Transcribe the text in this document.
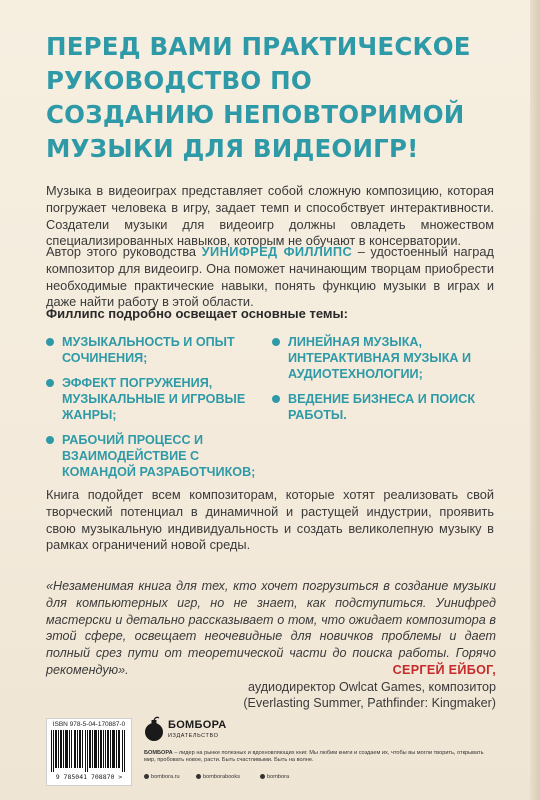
ПЕРЕД ВАМИ ПРАКТИЧЕСКОЕ РУКОВОДСТВО ПО СОЗДАНИЮ НЕПОВТОРИМОЙ МУЗЫКИ ДЛЯ ВИДЕОИГР!
Музыка в видеоиграх представляет собой сложную композицию, которая погружает человека в игру, задает темп и способствует интерактивности. Создатели музыки для видеоигр должны овладеть множеством специализированных навыков, которым не обучают в консерватории.
Автор этого руководства УИНИФРЕД ФИЛЛИПС – удостоенный наград композитор для видеоигр. Она поможет начинающим творцам приобрести необходимые практические навыки, понять функцию музыки в играх и даже найти работу в этой области.
Филлипс подробно освещает основные темы:
МУЗЫКАЛЬНОСТЬ И ОПЫТ СОЧИНЕНИЯ;
ЭФФЕКТ ПОГРУЖЕНИЯ, МУЗЫКАЛЬНЫЕ И ИГРОВЫЕ ЖАНРЫ;
РАБОЧИЙ ПРОЦЕСС И ВЗАИМОДЕЙСТВИЕ С КОМАНДОЙ РАЗРАБОТЧИКОВ;
ЛИНЕЙНАЯ МУЗЫКА, ИНТЕРАКТИВНАЯ МУЗЫКА И АУДИОТЕХНОЛОГИИ;
ВЕДЕНИЕ БИЗНЕСА И ПОИСК РАБОТЫ.
Книга подойдет всем композиторам, которые хотят реализовать свой творческий потенциал в динамичной и растущей индустрии, проявить свою музыкальную индивидуальность и создать великолепную музыку в рамках ограничений новой среды.
«Незаменимая книга для тех, кто хочет погрузиться в создание музыки для компьютерных игр, но не знает, как подступиться. Уинифред мастерски и детально рассказывает о том, что ожидает композитора в этой сфере, освещает неочевидные для новичков проблемы и дает полный срез пути от теоретической части до поиска работы. Горячо рекомендую».	СЕРГЕЙ ЕЙБОГ,
аудиодиректор Owlcat Games, композитор
(Everlasting Summer, Pathfinder: Kingmaker)
ISBN 978-5-04-170887-0
9 785041 708870 >
БОМБОРА
ИЗДАТЕЛЬСТВО
БОМБОРА – лидер на рынке полезных и вдохновляющих книг. Мы любим книги и создаем их, чтобы вы могли творить, открывать мир, пробовать новое, расти. Быть счастливыми. Быть на волне.
bombora.ru	bomborabooks	bombora
